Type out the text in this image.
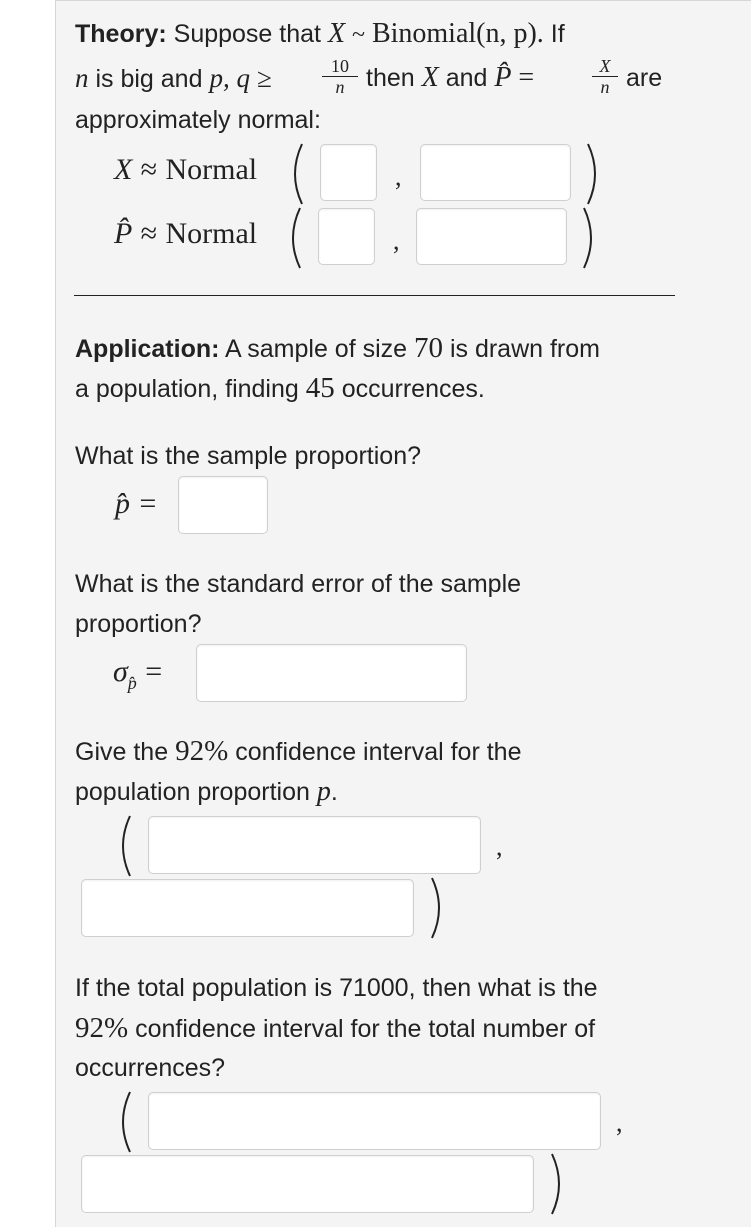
Theory: Suppose that X ~ Binomial(n, p). If
n is big and p, q ≥	$\frac{10}{n}$ then X and P̂ =	$\frac{X}{n}$ are
approximately normal:
X ≈ Normal	,
P̂ ≈ Normal	,
Application: A sample of size 70 is drawn from
a population, finding 45 occurrences.
What is the sample proportion?
p̂ =
What is the standard error of the sample
proportion?
σp̂ =
Give the 92% confidence interval for the
population proportion p.
,
If the total population is 71000, then what is the
92% confidence interval for the total number of
occurrences?
,
